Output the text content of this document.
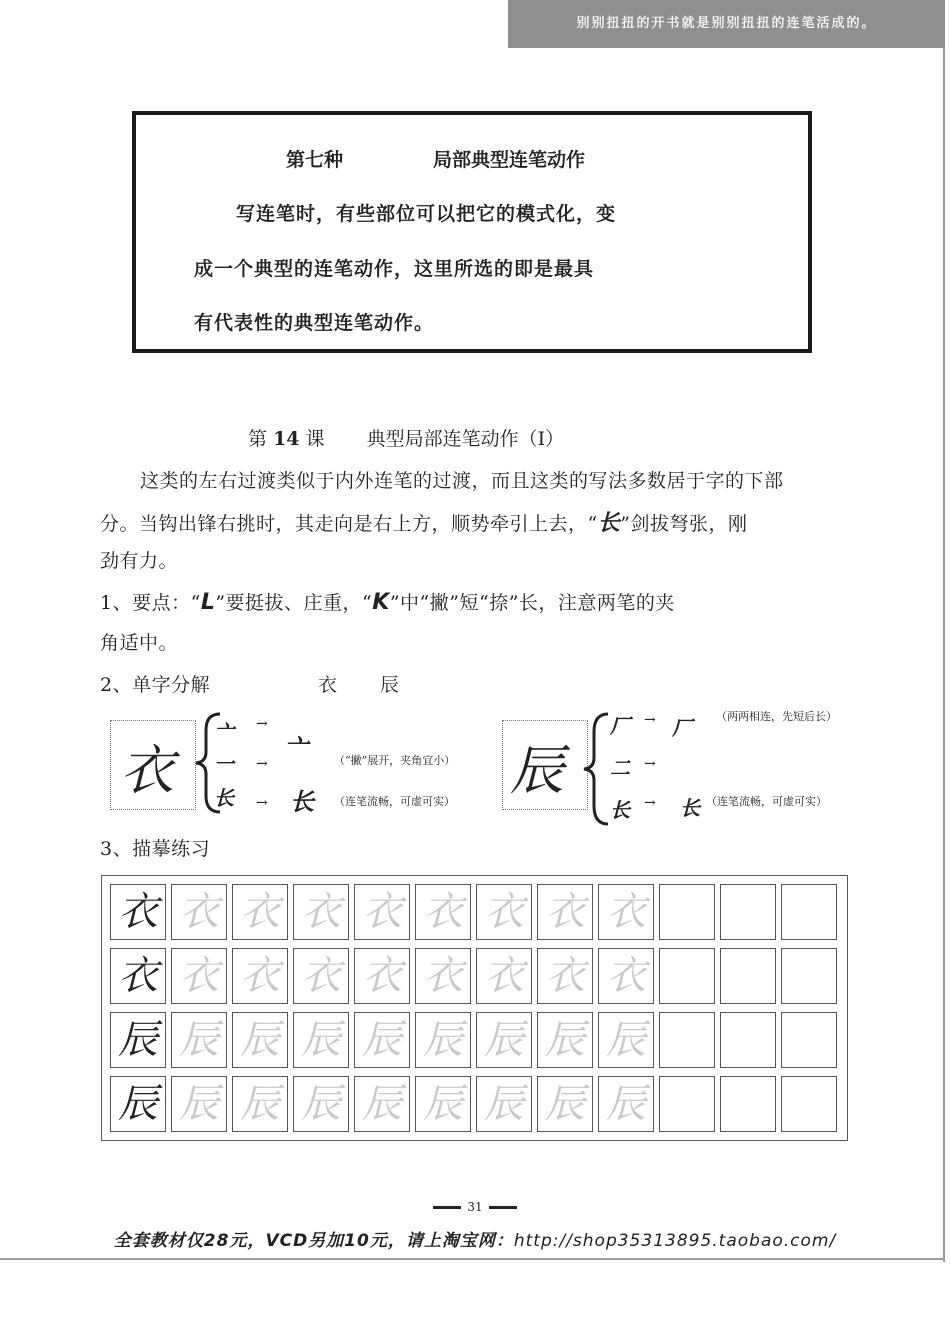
别别扭扭的开书就是别别扭扭的连笔活成的。
第七种	局部典型连笔动作
写连笔时，有些部位可以把它的模式化，变
成一个典型的连笔动作，这里所选的即是最具
有代表性的典型连笔动作。
第 14 课 典型局部连笔动作（Ⅰ）
这类的左右过渡类似于内外连笔的过渡，而且这类的写法多数居于字的下部
分。当钩出锋右挑时，其走向是右上方，顺势牵引上去，“长”剑拔弩张，刚
劲有力。
1、要点：“L”要挺拔、庄重，“K”中“撇”短“捺”长，注意两笔的夹
角适中。
2、单字分解	衣 辰
衣
亠
一
长
→
→
→
亠
长
（“撇”展开，夹角宜小）
（连笔流畅，可虚可实） 辰
厂
二
长
→
→
→
厂
长
（两两相连，先短后长）
（连笔流畅，可虚可实）
3、描摹练习
衣 衣 衣 衣 衣 衣 衣 衣 衣
衣 衣 衣 衣 衣 衣 衣 衣 衣
辰 辰 辰 辰 辰 辰 辰 辰 辰
辰 辰 辰 辰 辰 辰 辰 辰 辰
31
全套教材仅28元，VCD另加10元，请上淘宝网：http://shop35313895.taobao.com/
